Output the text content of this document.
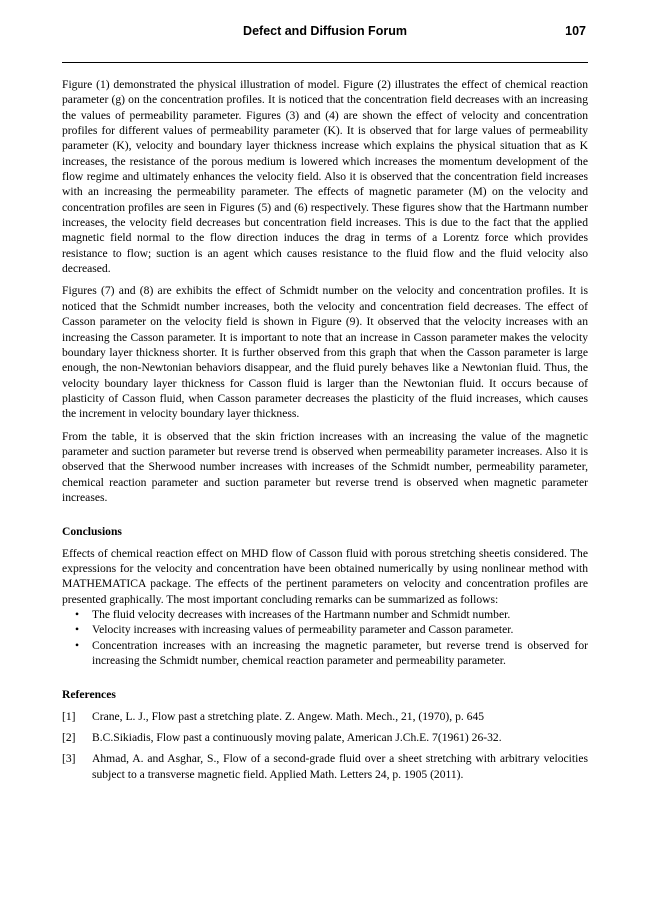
Defect and Diffusion Forum	107

Figure (1) demonstrated the physical illustration of model. Figure (2) illustrates the effect of chemical reaction parameter (g) on the concentration profiles. It is noticed that the concentration field decreases with an increasing the values of permeability parameter. Figures (3) and (4) are shown the effect of velocity and concentration profiles for different values of permeability parameter (K). It is observed that for large values of permeability parameter (K), velocity and boundary layer thickness increase which explains the physical situation that as K increases, the resistance of the porous medium is lowered which increases the momentum development of the flow regime and ultimately enhances the velocity field. Also it is observed that the concentration field increases with an increasing the permeability parameter. The effects of magnetic parameter (M) on the velocity and concentration profiles are seen in Figures (5) and (6) respectively. These figures show that the Hartmann number increases, the velocity field decreases but concentration field increases. This is due to the fact that the applied magnetic field normal to the flow direction induces the drag in terms of a Lorentz force which provides resistance to flow; suction is an agent which causes resistance to the fluid flow and the fluid velocity also decreased.

Figures (7) and (8) are exhibits the effect of Schmidt number on the velocity and concentration profiles. It is noticed that the Schmidt number increases, both the velocity and concentration field decreases. The effect of Casson parameter on the velocity field is shown in Figure (9). It observed that the velocity increases with an increasing the Casson parameter. It is important to note that an increase in Casson parameter makes the velocity boundary layer thickness shorter. It is further observed from this graph that when the Casson parameter is large enough, the non-Newtonian behaviors disappear, and the fluid purely behaves like a Newtonian fluid. Thus, the velocity boundary layer thickness for Casson fluid is larger than the Newtonian fluid. It occurs because of plasticity of Casson fluid, when Casson parameter decreases the plasticity of the fluid increases, which causes the increment in velocity boundary layer thickness.

From the table, it is observed that the skin friction increases with an increasing the value of the magnetic parameter and suction parameter but reverse trend is observed when permeability parameter increases. Also it is observed that the Sherwood number increases with increases of the Schmidt number, permeability parameter, chemical reaction parameter and suction parameter but reverse trend is observed when magnetic parameter increases.

Conclusions

Effects of chemical reaction effect on MHD flow of Casson fluid with porous stretching sheetis considered. The expressions for the velocity and concentration have been obtained numerically by using nonlinear method with MATHEMATICA package. The effects of the pertinent parameters on velocity and concentration profiles are presented graphically. The most important concluding remarks can be summarized as follows:

• The fluid velocity decreases with increases of the Hartmann number and Schmidt number.
• Velocity increases with increasing values of permeability parameter and Casson parameter.
• Concentration increases with an increasing the magnetic parameter, but reverse trend is observed for increasing the Schmidt number, chemical reaction parameter and permeability parameter.
References
[1] Crane, L. J., Flow past a stretching plate. Z. Angew. Math. Mech., 21, (1970), p. 645
[2] B.C.Sikiadis, Flow past a continuously moving palate, American J.Ch.E. 7(1961) 26-32.
[3] Ahmad, A. and Asghar, S., Flow of a second-grade fluid over a sheet stretching with arbitrary velocities subject to a transverse magnetic field. Applied Math. Letters 24, p. 1905 (2011).
